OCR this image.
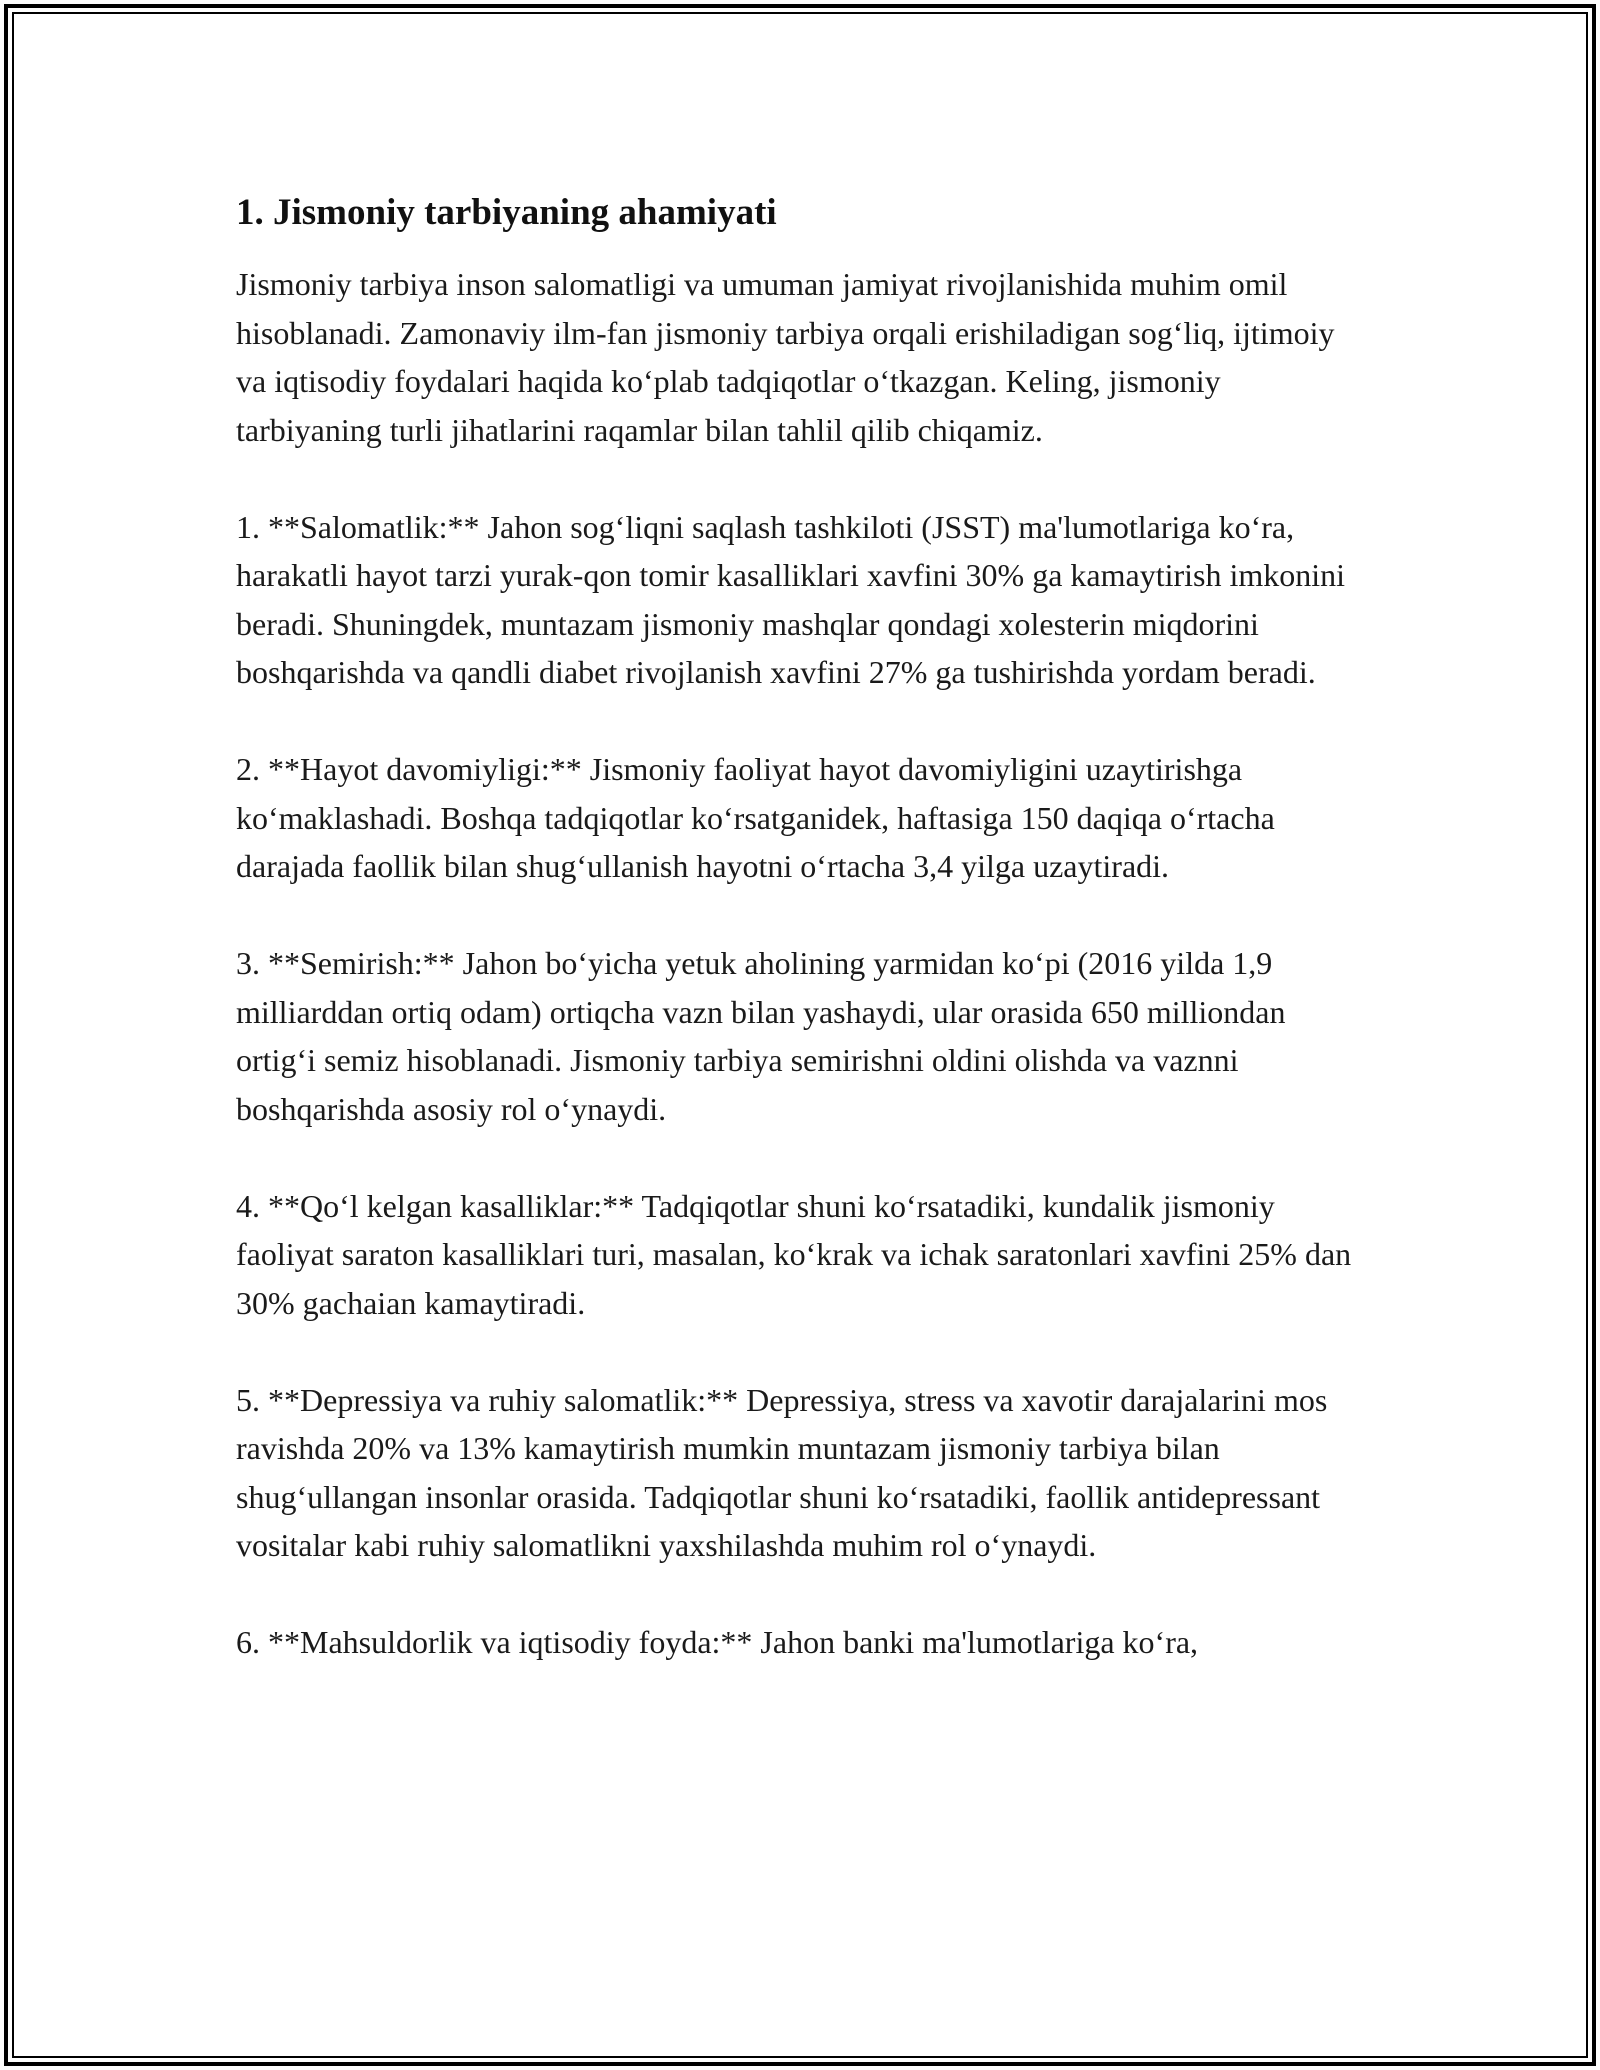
1. Jismoniy tarbiyaning ahamiyati

Jismoniy tarbiya inson salomatligi va umuman jamiyat rivojlanishida muhim omil hisoblanadi. Zamonaviy ilm-fan jismoniy tarbiya orqali erishiladigan sog‘liq, ijtimoiy va iqtisodiy foydalari haqida ko‘plab tadqiqotlar o‘tkazgan. Keling, jismoniy tarbiyaning turli jihatlarini raqamlar bilan tahlil qilib chiqamiz.

1. **Salomatlik:** Jahon sog‘liqni saqlash tashkiloti (JSST) ma'lumotlariga ko‘ra, harakatli hayot tarzi yurak-qon tomir kasalliklari xavfini 30% ga kamaytirish imkonini beradi. Shuningdek, muntazam jismoniy mashqlar qondagi xolesterin miqdorini boshqarishda va qandli diabet rivojlanish xavfini 27% ga tushirishda yordam beradi.

2. **Hayot davomiyligi:** Jismoniy faoliyat hayot davomiyligini uzaytirishga ko‘maklashadi. Boshqa tadqiqotlar ko‘rsatganidek, haftasiga 150 daqiqa o‘rtacha darajada faollik bilan shug‘ullanish hayotni o‘rtacha 3,4 yilga uzaytiradi.

3. **Semirish:** Jahon bo‘yicha yetuk aholining yarmidan ko‘pi (2016 yilda 1,9 milliarddan ortiq odam) ortiqcha vazn bilan yashaydi, ular orasida 650 milliondan ortig‘i semiz hisoblanadi. Jismoniy tarbiya semirishni oldini olishda va vaznni boshqarishda asosiy rol o‘ynaydi.

4. **Qo‘l kelgan kasalliklar:** Tadqiqotlar shuni ko‘rsatadiki, kundalik jismoniy faoliyat saraton kasalliklari turi, masalan, ko‘krak va ichak saratonlari xavfini 25% dan 30% gachaian kamaytiradi.

5. **Depressiya va ruhiy salomatlik:** Depressiya, stress va xavotir darajalarini mos ravishda 20% va 13% kamaytirish mumkin muntazam jismoniy tarbiya bilan shug‘ullangan insonlar orasida. Tadqiqotlar shuni ko‘rsatadiki, faollik antidepressant vositalar kabi ruhiy salomatlikni yaxshilashda muhim rol o‘ynaydi.

6. **Mahsuldorlik va iqtisodiy foyda:** Jahon banki ma'lumotlariga ko‘ra,
